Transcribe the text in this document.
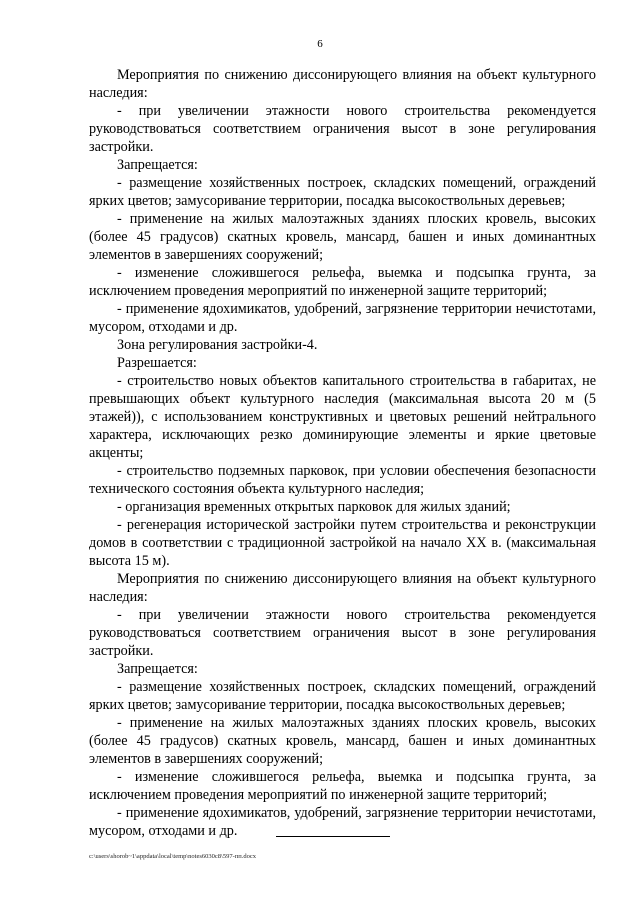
6

Мероприятия по снижению диссонирующего влияния на объект культурного наследия:

- при увеличении этажности нового строительства рекомендуется руководствоваться соответствием ограничения высот в зоне регулирования застройки.

Запрещается:

- размещение хозяйственных построек, складских помещений, ограждений ярких цветов; замусоривание территории, посадка высокоствольных деревьев;

- применение на жилых малоэтажных зданиях плоских кровель, высоких (более 45 градусов) скатных кровель, мансард, башен и иных доминантных элементов в завершениях сооружений;

- изменение сложившегося рельефа, выемка и подсыпка грунта, за исключением проведения мероприятий по инженерной защите территорий;

- применение ядохимикатов, удобрений, загрязнение территории нечистотами, мусором, отходами и др.

Зона регулирования застройки-4.

Разрешается:

- строительство новых объектов капитального строительства в габаритах, не превышающих объект культурного наследия (максимальная высота 20 м (5 этажей)), с использованием конструктивных и цветовых решений нейтрального характера, исключающих резко доминирующие элементы и яркие цветовые акценты;

- строительство подземных парковок, при условии обеспечения безопасности технического состояния объекта культурного наследия;

- организация временных открытых парковок для жилых зданий;

- регенерация исторической застройки путем строительства и реконструкции домов в соответствии с традиционной застройкой на начало XX в. (максимальная высота 15 м).

Мероприятия по снижению диссонирующего влияния на объект культурного наследия:

- при увеличении этажности нового строительства рекомендуется руководствоваться соответствием ограничения высот в зоне регулирования застройки.

Запрещается:

- размещение хозяйственных построек, складских помещений, ограждений ярких цветов; замусоривание территории, посадка высокоствольных деревьев;

- применение на жилых малоэтажных зданиях плоских кровель, высоких (более 45 градусов) скатных кровель, мансард, башен и иных доминантных элементов в завершениях сооружений;

- изменение сложившегося рельефа, выемка и подсыпка грунта, за исключением проведения мероприятий по инженерной защите территорий;

- применение ядохимикатов, удобрений, загрязнение территории нечистотами, мусором, отходами и др.

c:\users\shorob~1\appdata\local\temp\notes6030c8\597-пп.docx
